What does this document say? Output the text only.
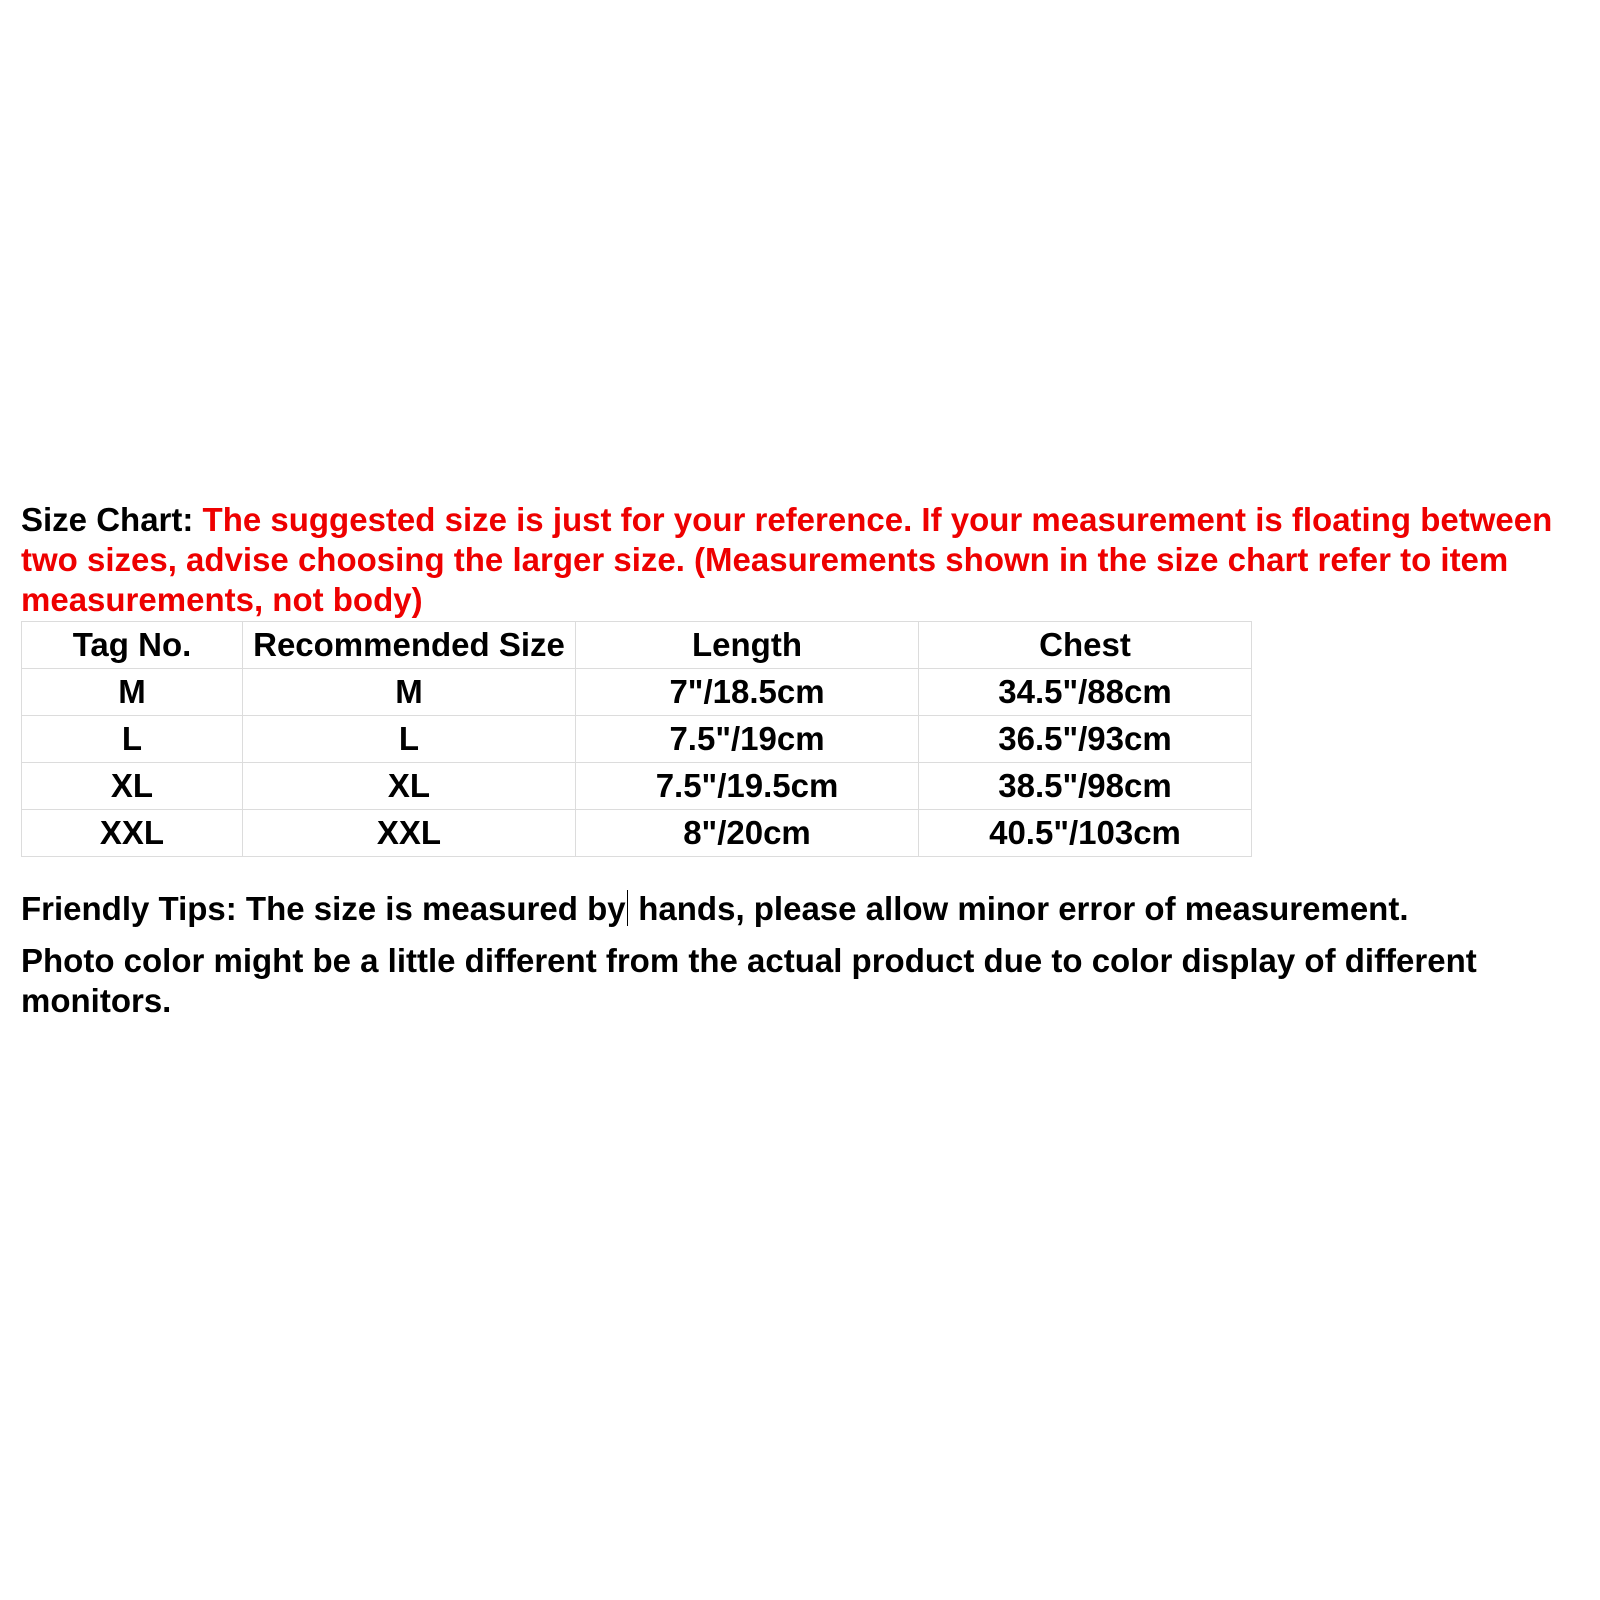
Size Chart: The suggested size is just for your reference. If your measurement is floating between two sizes, advise choosing the larger size. (Measurements shown in the size chart refer to item measurements, not body)
Tag No.	Recommended Size	Length	Chest
M	M	7"/18.5cm	34.5"/88cm
L	L	7.5"/19cm	36.5"/93cm
XL	XL	7.5"/19.5cm	38.5"/98cm
XXL	XXL	8"/20cm	40.5"/103cm
Friendly Tips: The size is measured by hands, please allow minor error of measurement.
Photo color might be a little different from the actual product due to color display of different monitors.
